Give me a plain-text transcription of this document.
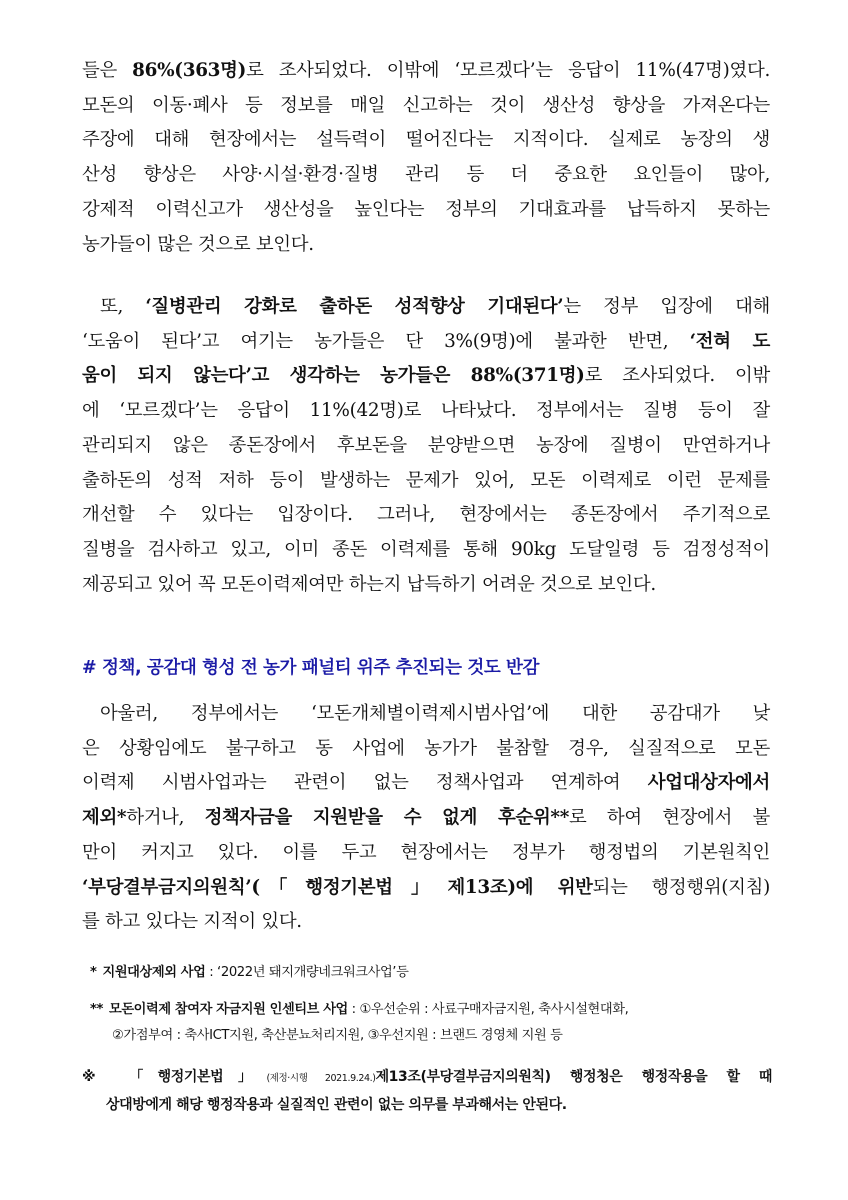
들은 86%(363명)로 조사되었다. 이밖에 ‘모르겠다’는 응답이 11%(47명)였다.
모돈의 이동·폐사 등 정보를 매일 신고하는 것이 생산성 향상을 가져온다는
주장에 대해 현장에서는 설득력이 떨어진다는 지적이다. 실제로 농장의 생
산성 향상은 사양·시설·환경·질병 관리 등 더 중요한 요인들이 많아,
강제적 이력신고가 생산성을 높인다는 정부의 기대효과를 납득하지 못하는
농가들이 많은 것으로 보인다.
또, ‘질병관리 강화로 출하돈 성적향상 기대된다’는 정부 입장에 대해
‘도움이 된다’고 여기는 농가들은 단 3%(9명)에 불과한 반면, ‘전혀 도
움이 되지 않는다’고 생각하는 농가들은 88%(371명)로 조사되었다. 이밖
에 ‘모르겠다’는 응답이 11%(42명)로 나타났다. 정부에서는 질병 등이 잘
관리되지 않은 종돈장에서 후보돈을 분양받으면 농장에 질병이 만연하거나
출하돈의 성적 저하 등이 발생하는 문제가 있어, 모돈 이력제로 이런 문제를
개선할 수 있다는 입장이다. 그러나, 현장에서는 종돈장에서 주기적으로
질병을 검사하고 있고, 이미 종돈 이력제를 통해 90kg 도달일령 등 검정성적이
제공되고 있어 꼭 모돈이력제여만 하는지 납득하기 어려운 것으로 보인다.

# 정책, 공감대 형성 전 농가 패널티 위주 추진되는 것도 반감

아울러, 정부에서는 ‘모돈개체별이력제시범사업’에 대한 공감대가 낮
은 상황임에도 불구하고 동 사업에 농가가 불참할 경우, 실질적으로 모돈
이력제 시범사업과는 관련이 없는 정책사업과 연계하여 사업대상자에서
제외*하거나, 정책자금을 지원받을 수 없게 후순위**로 하여 현장에서 불
만이 커지고 있다. 이를 두고 현장에서는 정부가 행정법의 기본원칙인
‘부당결부금지의원칙’(「행정기본법」제13조)에 위반되는 행정행위(지침)
를 하고 있다는 지적이 있다.

* 지원대상제외 사업 : ‘2022년 돼지개량네크워크사업’등

** 모돈이력제 참여자 자금지원 인센티브 사업 : ①우선순위 : 사료구매자금지원, 축사시설현대화,

②가점부여 : 축사ICT지원, 축산분뇨처리지원, ③우선지원 : 브랜드 경영체 지원 등

※ 「행정기본법」(제정·시행 2021.9.24.)제13조(부당결부금지의원칙) 행정청은 행정작용을 할 때
상대방에게 해당 행정작용과 실질적인 관련이 없는 의무를 부과해서는 안된다.
